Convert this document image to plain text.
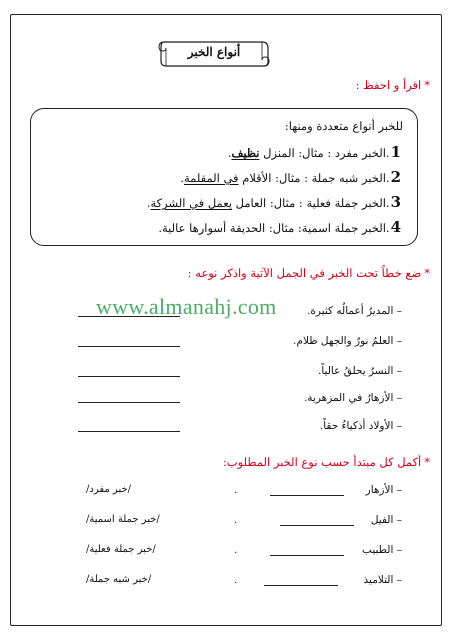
أنواع الخبر
*اقرأ و احفظ :
للخبر أنواع متعددة ومنها:
1.الخبر مفرد : مثال: المنزل نظيف.
2.الخبر شبه جملة : مثال: الأقلام في المقلمة.
3.الخبر جملة فعلية : مثال: العامل يعمل في الشركة.
4.الخبر جملة اسمية: مثال: الحديقة أسوارها عالية.
*ضع خطاً تحت الخبر في الجمل الآتية واذكر نوعه :
www.almanahj.com	– المديرُ أعمالُه كثيرة.
– العلمُ نورٌ والجهل ظلام.
– النسرُ يحلقُ عالياً.
– الأزهارُ في المزهرية.
– الأولاد أذكياءُ حقاً.
*أكمل كل مبتدأ حسب نوع الخبر المطلوب:
– الأزهار
.
/خبر مفرد/
– الفيل
.
/خبر جملة اسمية/
– الطبيب
.
/خبر جملة فعلية/
– التلاميذ
.
/خبر شبه جملة/
